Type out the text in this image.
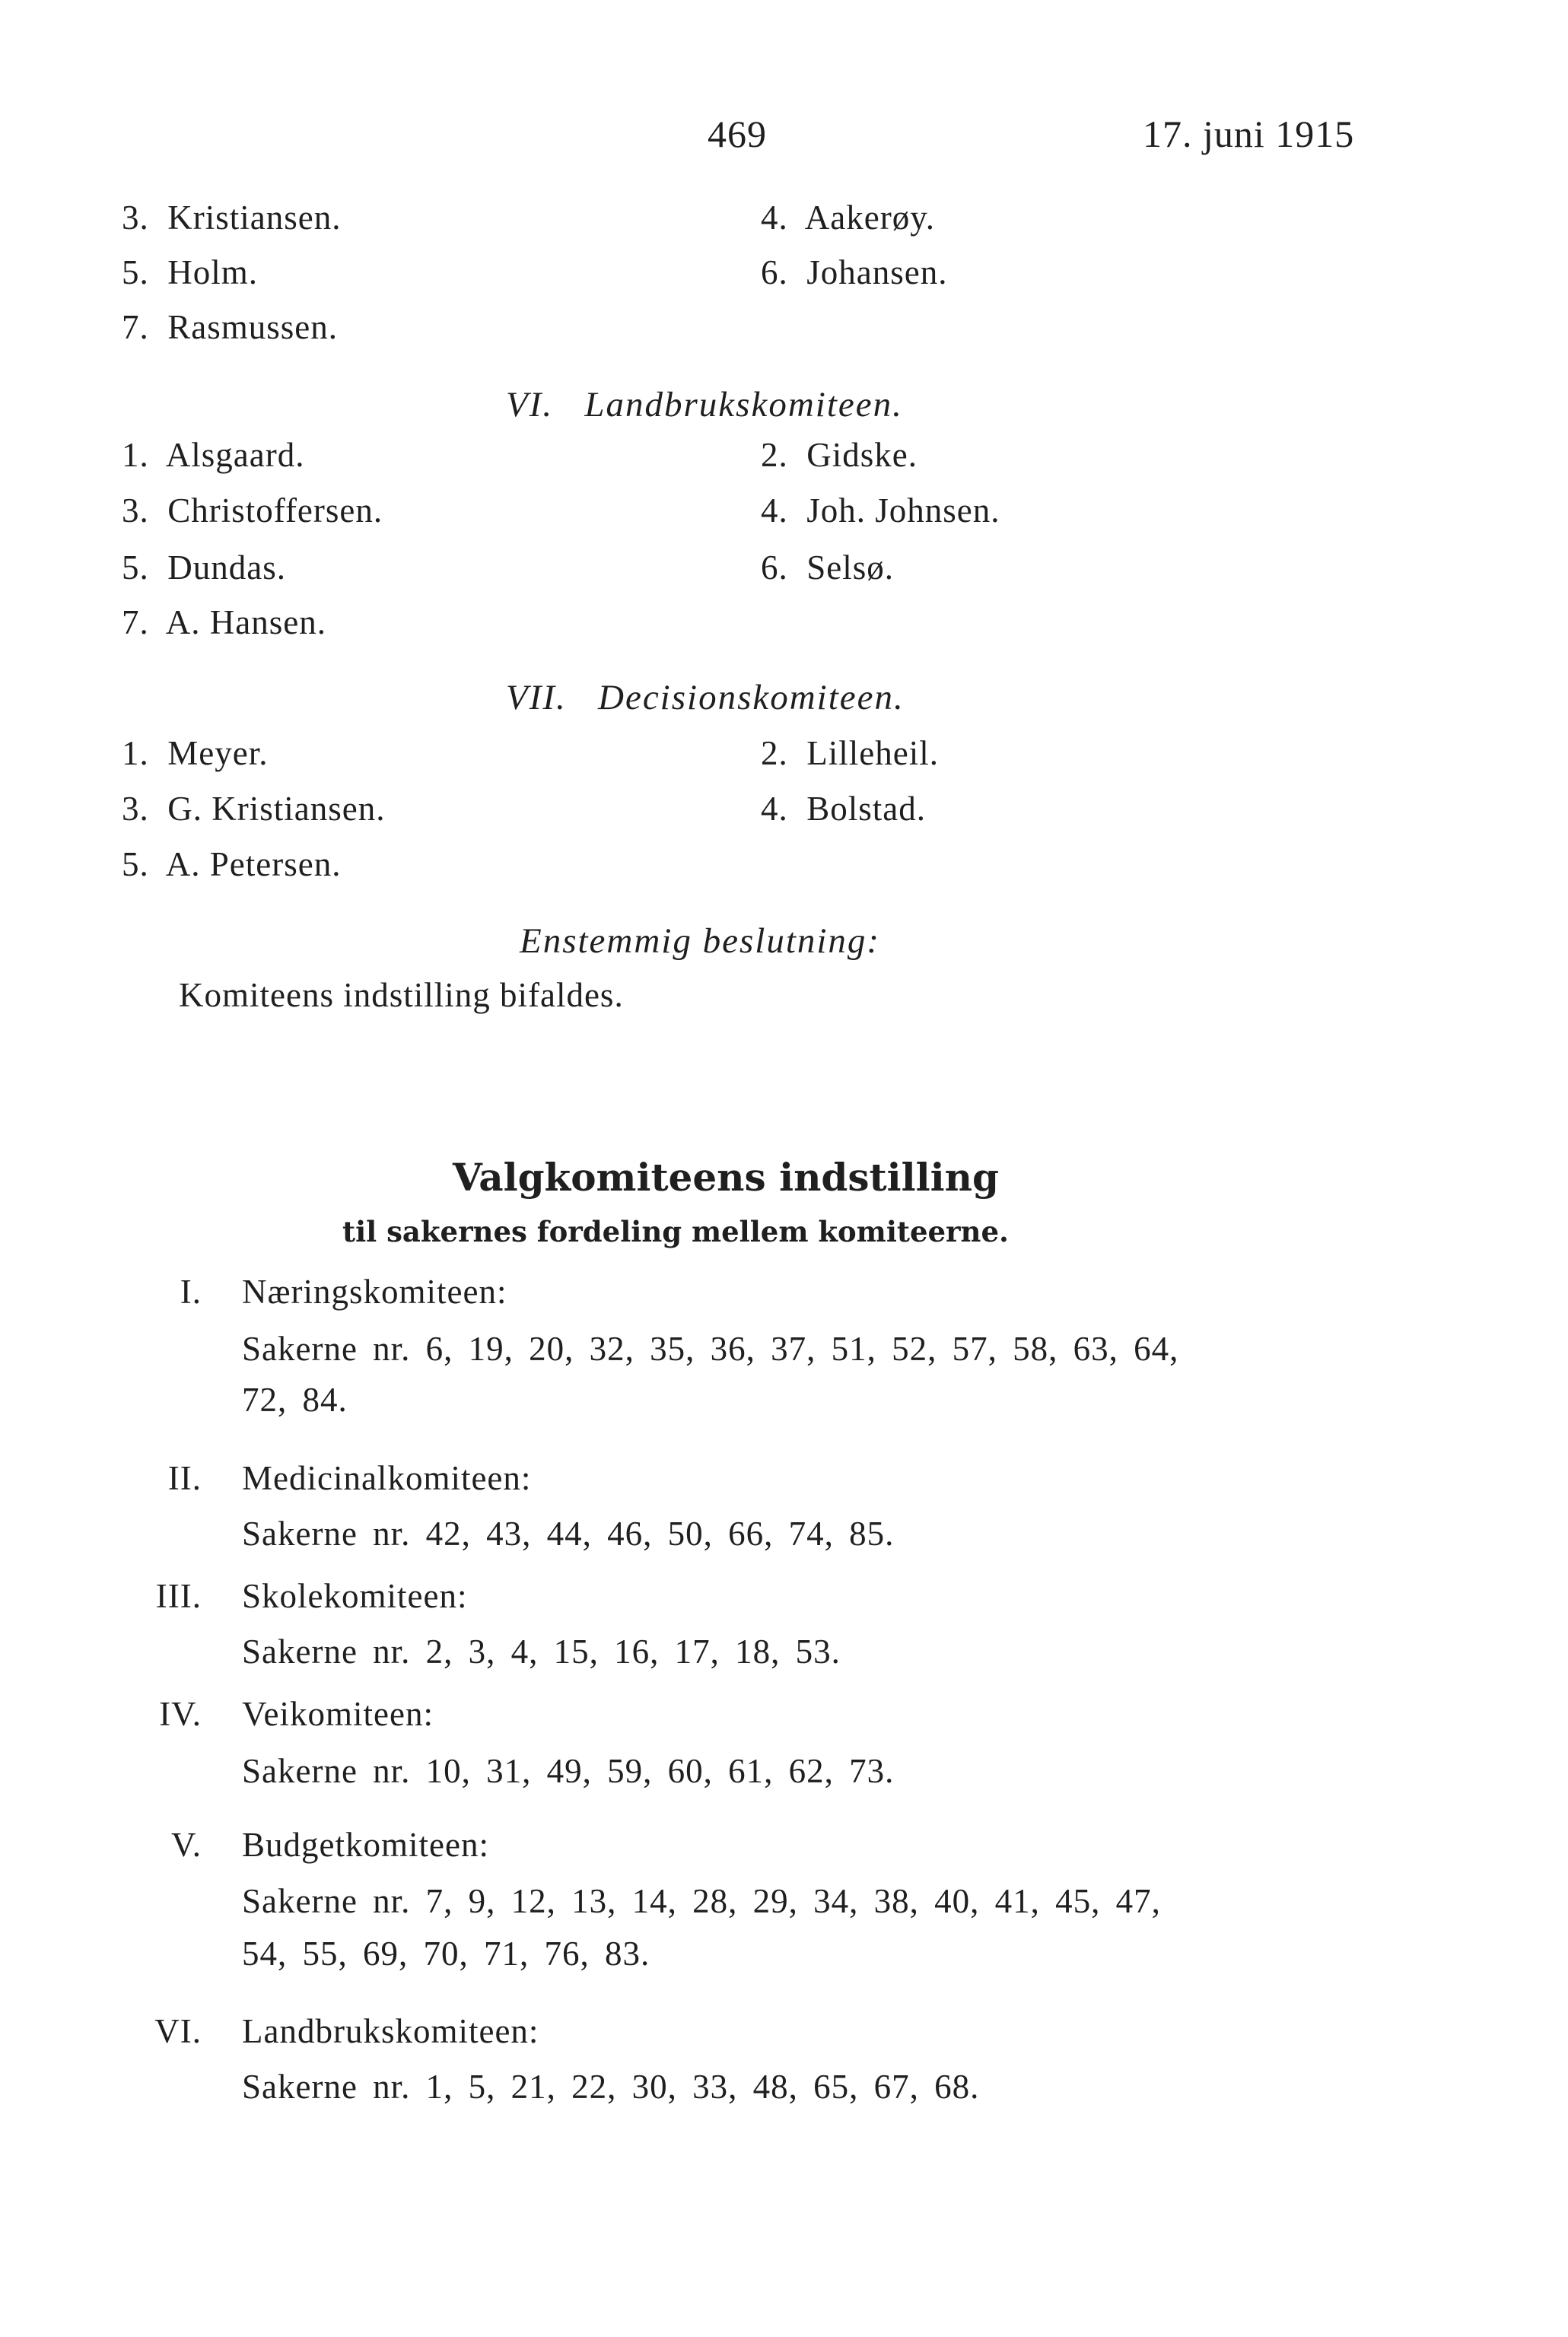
469	17. juni 1915
3. Kristiansen.	4. Aakerøy.
5. Holm.	6. Johansen.
7. Rasmussen.
VI. Landbrukskomiteen.
1. Alsgaard.	2. Gidske.
3. Christoffersen.	4. Joh. Johnsen.
5. Dundas.	6. Selsø.
7. A. Hansen.
VII. Decisionskomiteen.
1. Meyer.	2. Lilleheil.
3. G. Kristiansen.	4. Bolstad.
5. A. Petersen.
Enstemmig beslutning:
Komiteens indstilling bifaldes.
Valgkomiteens indstilling
til sakernes fordeling mellem komiteerne.
I. Næringskomiteen:
Sakerne nr. 6, 19, 20, 32, 35, 36, 37, 51, 52, 57, 58, 63, 64,
72, 84.
II. Medicinalkomiteen:
Sakerne nr. 42, 43, 44, 46, 50, 66, 74, 85.
III. Skolekomiteen:
Sakerne nr. 2, 3, 4, 15, 16, 17, 18, 53.
IV. Veikomiteen:
Sakerne nr. 10, 31, 49, 59, 60, 61, 62, 73.
V. Budgetkomiteen:
Sakerne nr. 7, 9, 12, 13, 14, 28, 29, 34, 38, 40, 41, 45, 47,
54, 55, 69, 70, 71, 76, 83.
VI. Landbrukskomiteen:
Sakerne nr. 1, 5, 21, 22, 30, 33, 48, 65, 67, 68.
